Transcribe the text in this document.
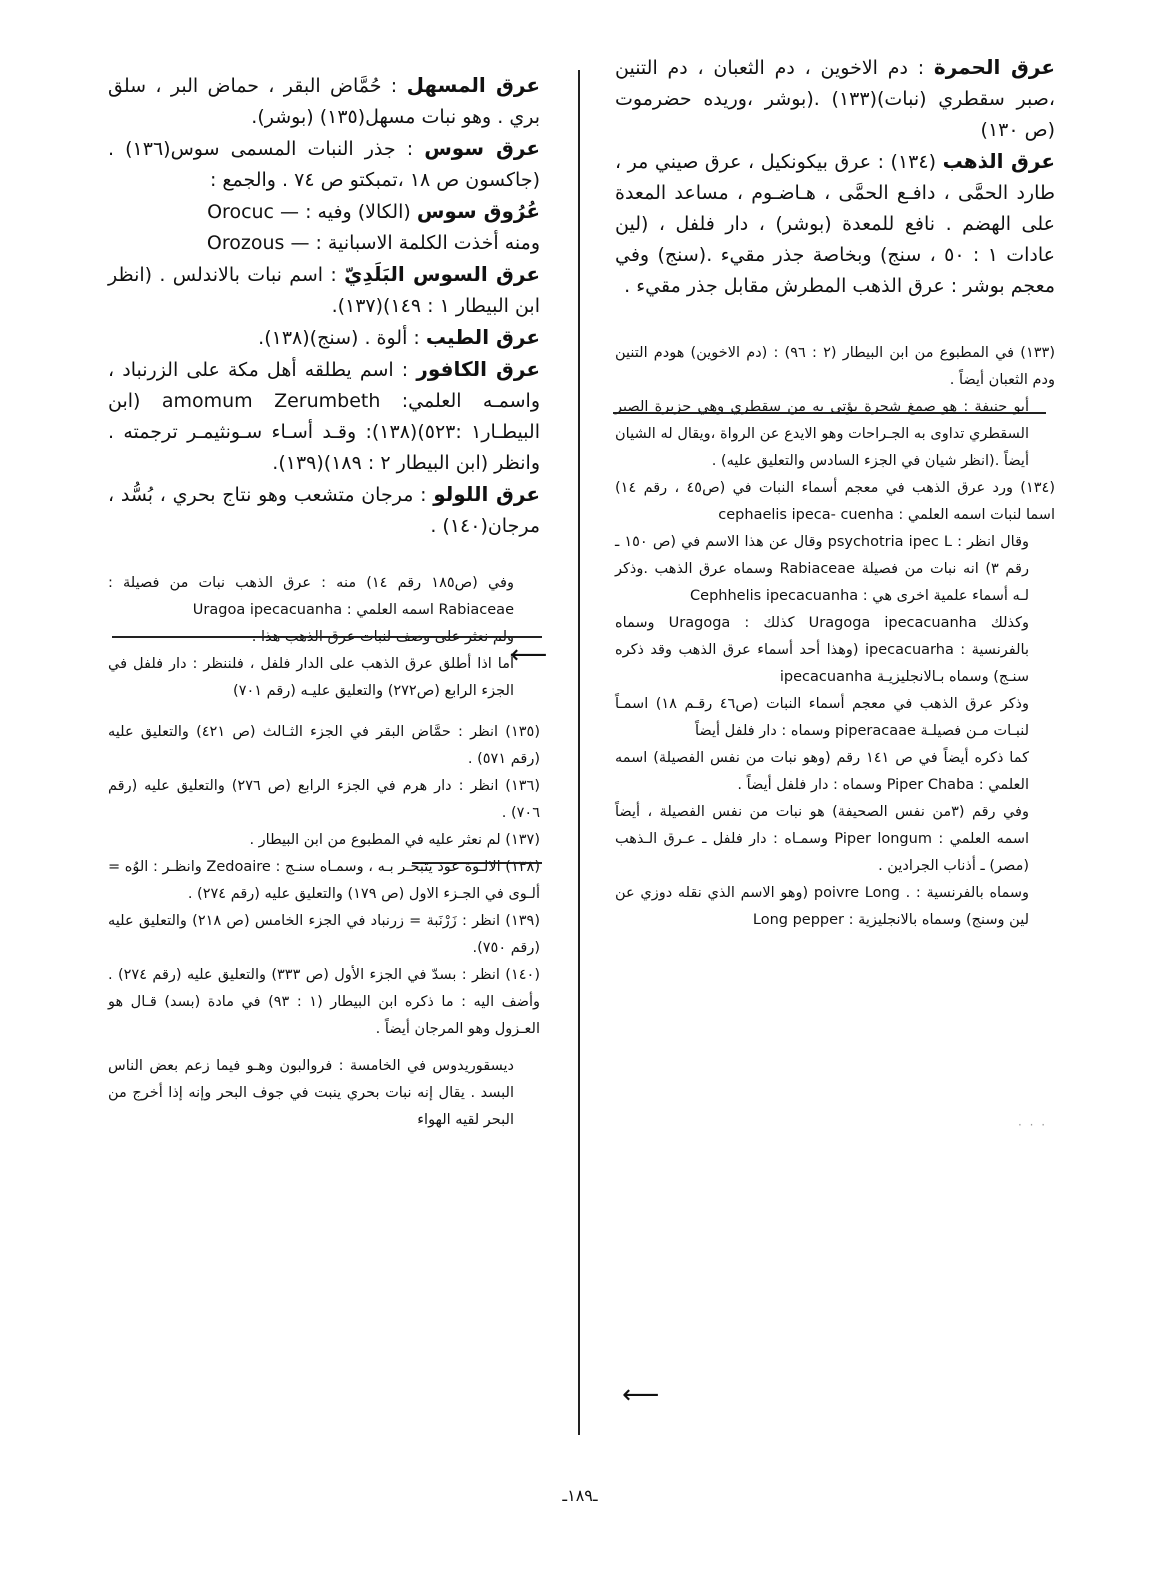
عرق الحمرة : دم الاخوين ، دم الثعبان ، دم التنين ،صبر سقطري (نبات)(١٣٣) .(بوشر ،وريده حضرموت (ص ١٣٠)

عرق الذهب (١٣٤) : عرق بيكونكيل ، عرق صيني مر ، طارد الحمَّى ، دافـع الحمَّى ، هـاضـوم ، مساعد المعدة على الهضم . نافع للمعدة (بوشر) ، دار فلفل ، (لين عادات ١ : ٥٠ ، سنج) وبخاصة جذر مقيء .(سنج) وفي معجم بوشر : عرق الذهب المطرش مقابل جذر مقيء .

(١٣٣) في المطبوع من ابن البيطار (٢ : ٩٦) : (دم الاخوين) هودم التنين ودم الثعبان أيضاً .

أبو حنيفة : هو صمغ شجرة يؤتى به من سقطري وهي جزيرة الصبر السقطري تداوى به الجـراحات وهو الايدع عن الرواة ،ويقال له الشيان أيضاً .(انظر شيان في الجزء السادس والتعليق عليه) .

(١٣٤) ورد عرق الذهب في معجم أسماء النبات في (ص٤٥ ، رقم ١٤) اسما لنبات اسمه العلمي : cephaelis ipeca- cuenha

وقال انظر : psychotria ipec L وقال عن هذا الاسم في (ص ١٥٠ ـ رقم ٣) انه نبات من فصيلة Rabiaceae وسماه عرق الذهب .وذكر لـه أسماء علمية اخرى هي : Cephhelis ipecacuanha

وكذلك Uragoga ipecacuanha كذلك : Uragoga وسماه بالفرنسية : ipecacuarha (وهذا أحد أسماء عرق الذهب وقد ذكره سنـج) وسماه بـالانجليزيـة ipecacuanha

وذكر عرق الذهب في معجم أسماء النبات (ص٤٦ رقـم ١٨) اسمـاً لنبـات مـن فصيلـة piperacaae وسماه : دار فلفل أيضاً

كما ذكره أيضاً في ص ١٤١ رقم (وهو نبات من نفس الفصيلة) اسمه العلمي : Piper Chaba وسماه : دار فلفل أيضاً .

وفي رقم (٣من نفس الصحيفة) هو نبات من نفس الفصيلة ، أيضاً اسمه العلمي : Piper longum وسمـاه : دار فلفل ـ عـرق الـذهب (مصر) ـ أذناب الجرادين .

وسماه بالفرنسية : . poivre Long (وهو الاسم الذي نقله دوزي عن لين وسنج) وسماه بالانجليزية : Long pepper

عرق المسهل : حُمَّاض البقر ، حماض البر ، سلق بري . وهو نبات مسهل(١٣٥) (بوشر).

عرق سوس : جذر النبات المسمى سوس(١٣٦) . (جاكسون ص ١٨ ،تمبكتو ص ٧٤ . والجمع :

عُرُوق سوس (الكالا) وفيه : — Orocuc

ومنه أخذت الكلمة الاسبانية : — Orozous

عرق السوس البَلَدِيّ : اسم نبات بالاندلس . (انظر ابن البيطار ١ : ١٤٩)(١٣٧).

عرق الطيب : ألوة . (سنج)(١٣٨).

عرق الكافور : اسم يطلقه أهل مكة على الزرنباد ، واسمـه العلمي: amomum Zerumbeth (ابن البيطـار١ :٥٢٣)(١٣٨): وقـد أسـاء سـونثيمـر ترجمته . وانظر (ابن البيطار ٢ : ١٨٩)(١٣٩).

عرق اللولو : مرجان متشعب وهو نتاج بحري ، بُسُّد ، مرجان(١٤٠) .

وفي (ص١٨٥ رقم ١٤) منه : عرق الذهب نبات من فصيلة : Rabiaceae اسمه العلمي : Uragoa ipecacuanha

ولم نعثر على وصف لنبات عرق الذهب هذا .

أما اذا أطلق عرق الذهب على الدار فلفل ، فلننظر : دار فلفل في الجزء الرابع (ص٢٧٢) والتعليق عليـه (رقم ٧٠١)

(١٣٥) انظر : حمَّاض البقر في الجزء الثـالث (ص ٤٢١) والتعليق عليه (رقم ٥٧١) .

(١٣٦) انظر : دار هرم في الجزء الرابع (ص ٢٧٦) والتعليق عليه (رقم ٧٠٦) .

(١٣٧) لم نعثر عليه في المطبوع من ابن البيطار .

(١٣٨) الالـوة عود يتبخـر بـه ، وسمـاه سنـج : Zedoaire وانظـر : الوُه = ألـوى في الجـزء الاول (ص ١٧٩) والتعليق عليه (رقم ٢٧٤) .

(١٣٩) انظر : زَرْنَبة = زرنباد في الجزء الخامس (ص ٢١٨) والتعليق عليه (رقم ٧٥٠).

(١٤٠) انظر : بسدّ في الجزء الأول (ص ٣٣٣) والتعليق عليه (رقم ٢٧٤) . وأضف اليه : ما ذكره ابن البيطار (١ : ٩٣) في مادة (بسد) قـال هو العـزول وهو المرجان أيضاً .

ديسقوريدوس في الخامسة : فروالبون وهـو فيما زعم بعض الناس البسد . يقال إنه نبات بحري ينبت في جوف البحر وإنه إذا أخرج من البحر لقيه الهواء

⟵
⟵
· · ·
ـ١٨٩ـ
